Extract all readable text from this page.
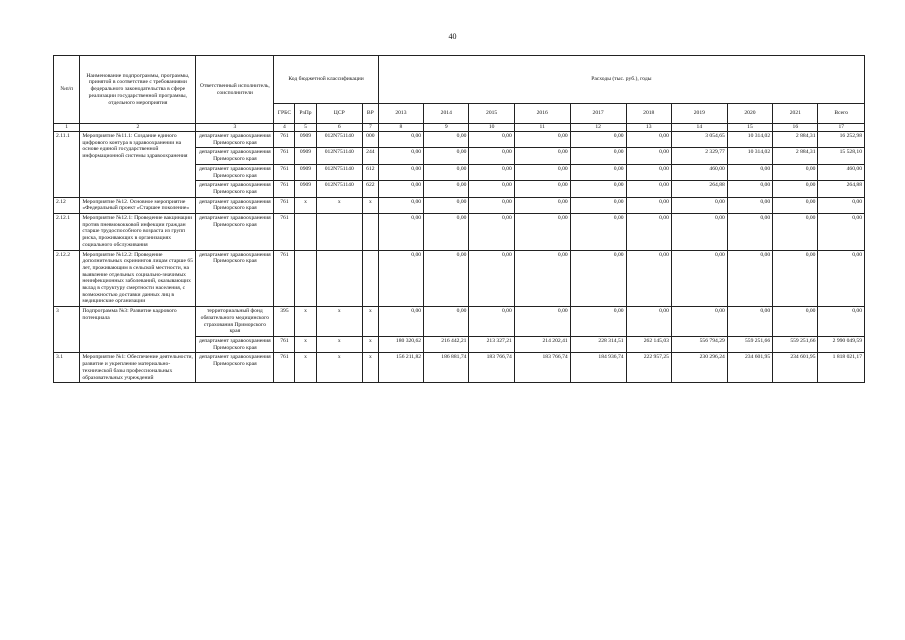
40
№п/п	Наименование подпрограммы, программы, принятой в соответствие с требованиями федерального законодательства в сфере реализации государственной программы, отдельного мероприятия	Ответственный исполнитель, соисполнители	Код бюджетной классификации				Расходы (тыс. руб.), годы									
			ГРБС	РзПр	ЦСР	ВР	2013	2014	2015	2016	2017	2018	2019	2020	2021	Всего
1	2	3	4	5	6	7	8	9	10	11	12	13	14	15	16	17
2.11.1	Мероприятие №11.1: Создание единого цифрового контура в здравоохранении на основе единой государственной информационной системы здравоохранения	департамент здравоохранения Приморского края	761	0909	012N751140	000	0,00	0,00	0,00	0,00	0,00	0,00	3 054,65	10 314,02	2 884,31	16 252,98
		департамент здравоохранения Приморского края	761	0909	012N751140	244	0,00	0,00	0,00	0,00	0,00	0,00	2 329,77	10 314,02	2 884,31	15 528,10
		департамент здравоохранения Приморского края	761	0909	012N751140	612	0,00	0,00	0,00	0,00	0,00	0,00	460,00	0,00	0,00	460,00
		департамент здравоохранения Приморского края	761	0909	012N751140	622	0,00	0,00	0,00	0,00	0,00	0,00	264,88	0,00	0,00	264,88
2.12	Мероприятие №12. Основное мероприятие «Федеральный проект «Старшее поколение»	департамент здравоохранения Приморского края	761	x	x	x	0,00	0,00	0,00	0,00	0,00	0,00	0,00	0,00	0,00	0,00
2.12.1	Мероприятие №12.1: Проведение вакцинации против пневмококковой инфекции граждан старше трудоспособного возраста из групп риска, проживающих в организациях социального обслуживания	департамент здравоохранения Приморского края	761				0,00	0,00	0,00	0,00	0,00	0,00	0,00	0,00	0,00	0,00
2.12.2	Мероприятие №12.2: Проведение дополнительных скринингов лицам старше 65 лет, проживающим в сельской местности, на выявление отдельных социально-значимых неинфекционных заболеваний, оказывающих вклад в структуру смертности населения, с возможностью доставки данных лиц в медицинские организации	департамент здравоохранения Приморского края	761				0,00	0,00	0,00	0,00	0,00	0,00	0,00	0,00	0,00	0,00
3	Подпрограмма №3: Развитие кадрового потенциала	территориальный фонд обязательного медицинского страхования Приморского края	395	x	x	x	0,00	0,00	0,00	0,00	0,00	0,00	0,00	0,00	0,00	0,00
		департамент здравоохранения Приморского края	761	x	x	x	180 320,62	216 442,21	213 327,21	214 202,41	228 314,51	262 145,03	556 794,29	559 251,66	559 251,66	2 990 049,59
3.1	Мероприятие №1: Обеспечение деятельности, развитие и укрепление материально-технической базы профессиональных образовательных учреждений	департамент здравоохранения Приморского края	761	x	x	x	156 211,82	186 881,74	183 766,74	183 766,74	184 936,74	222 957,25	230 296,24	234 601,95	234 601,95	1 818 021,17
